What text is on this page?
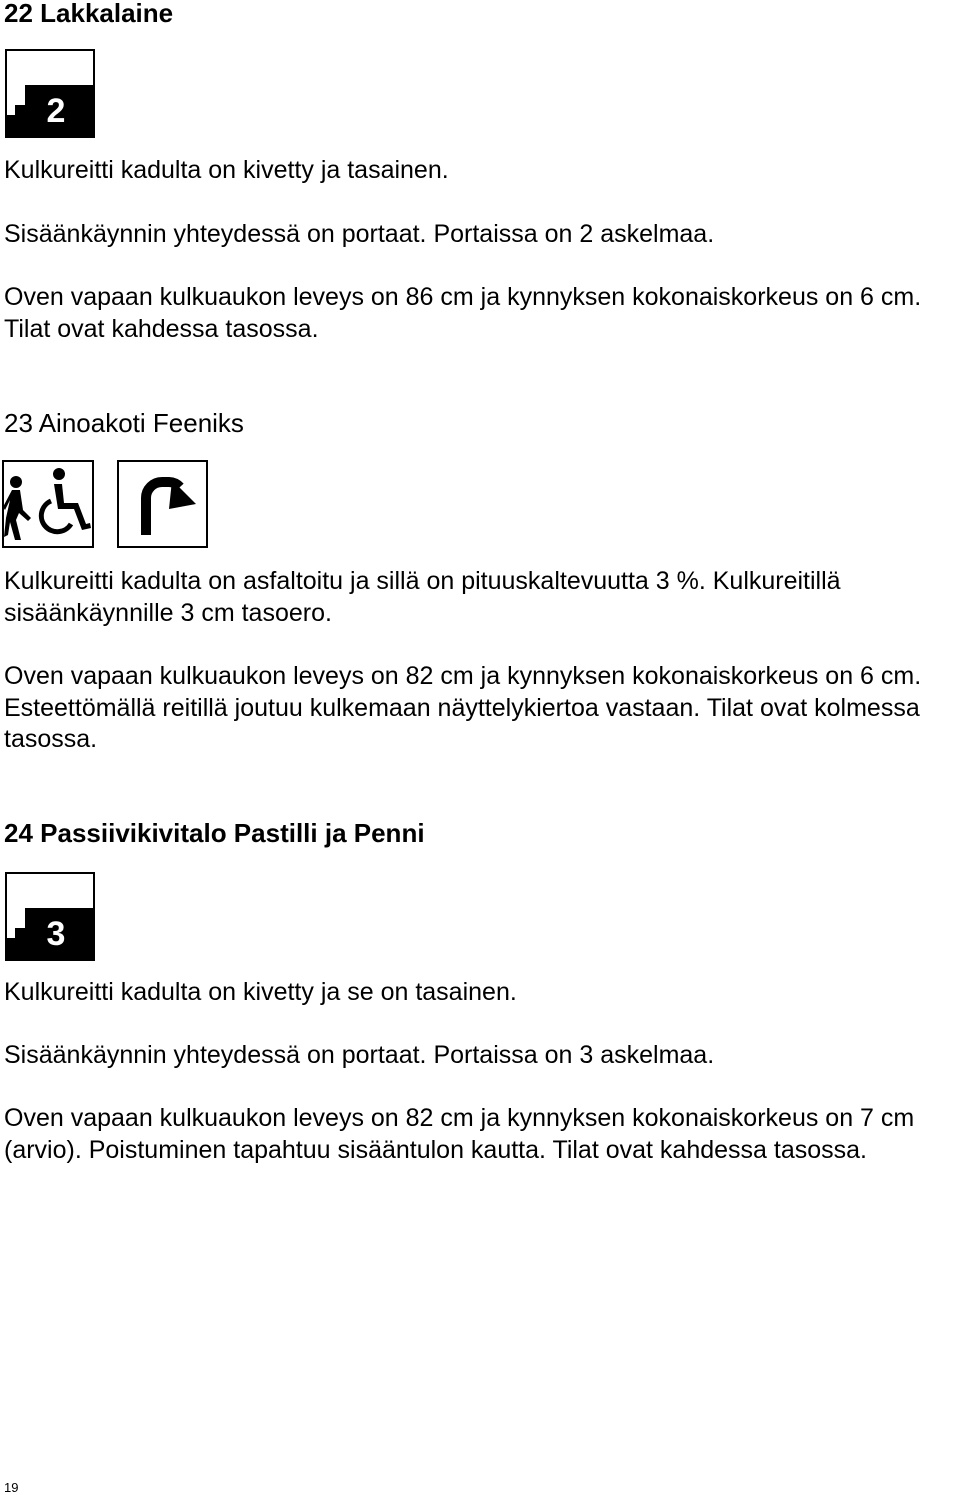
22 Lakkalaine
2

Kulkureitti kadulta on kivetty ja tasainen.

Sisäänkäynnin yhteydessä on portaat. Portaissa on 2 askelmaa.

Oven vapaan kulkuaukon leveys on 86 cm ja kynnyksen kokonaiskorkeus on 6 cm. Tilat ovat kahdessa tasossa.

23 Ainoakoti Feeniks

Kulkureitti kadulta on asfaltoitu ja sillä on pituuskaltevuutta 3 %. Kulkureitillä sisäänkäynnille 3 cm tasoero.

Oven vapaan kulkuaukon leveys on 82 cm ja kynnyksen kokonaiskorkeus on 6 cm. Esteettömällä reitillä joutuu kulkemaan näyttelykiertoa vastaan. Tilat ovat kolmessa tasossa.

24 Passiivikivitalo Pastilli ja Penni
3

Kulkureitti kadulta on kivetty ja se on tasainen.

Sisäänkäynnin yhteydessä on portaat. Portaissa on 3 askelmaa.

Oven vapaan kulkuaukon leveys on 82 cm ja kynnyksen kokonaiskorkeus on 7 cm (arvio). Poistuminen tapahtuu sisääntulon kautta. Tilat ovat kahdessa tasossa.

19
